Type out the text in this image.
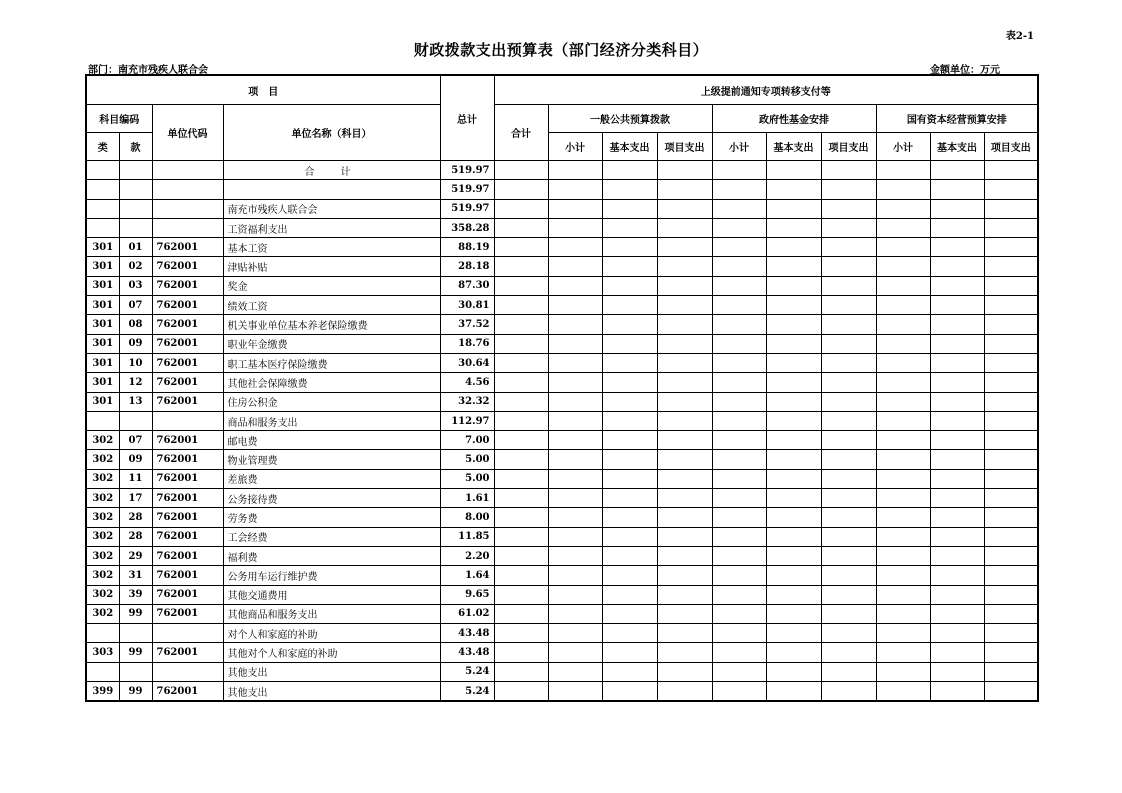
表2-1
财政拨款支出预算表（部门经济分类科目）
部门：南充市残疾人联合会	金额单位：万元
项　目				总计	上级提前通知专项转移支付等									
科目编码		单位代码	单位名称（科目）		合计	一般公共预算拨款			政府性基金安排			国有资本经营预算安排		
类	款					小计	基本支出	项目支出	小计	基本支出	项目支出	小计	基本支出	项目支出
			合　计	519.97										
				519.97										
			南充市残疾人联合会	519.97										
			工资福利支出	358.28										
301	01	762001	基本工资	88.19										
301	02	762001	津贴补贴	28.18										
301	03	762001	奖金	87.30										
301	07	762001	绩效工资	30.81										
301	08	762001	机关事业单位基本养老保险缴费	37.52										
301	09	762001	职业年金缴费	18.76										
301	10	762001	职工基本医疗保险缴费	30.64										
301	12	762001	其他社会保障缴费	4.56										
301	13	762001	住房公积金	32.32										
			商品和服务支出	112.97										
302	07	762001	邮电费	7.00										
302	09	762001	物业管理费	5.00										
302	11	762001	差旅费	5.00										
302	17	762001	公务接待费	1.61										
302	28	762001	劳务费	8.00										
302	28	762001	工会经费	11.85										
302	29	762001	福利费	2.20										
302	31	762001	公务用车运行维护费	1.64										
302	39	762001	其他交通费用	9.65										
302	99	762001	其他商品和服务支出	61.02										
			对个人和家庭的补助	43.48										
303	99	762001	其他对个人和家庭的补助	43.48										
			其他支出	5.24										
399	99	762001	其他支出	5.24										
